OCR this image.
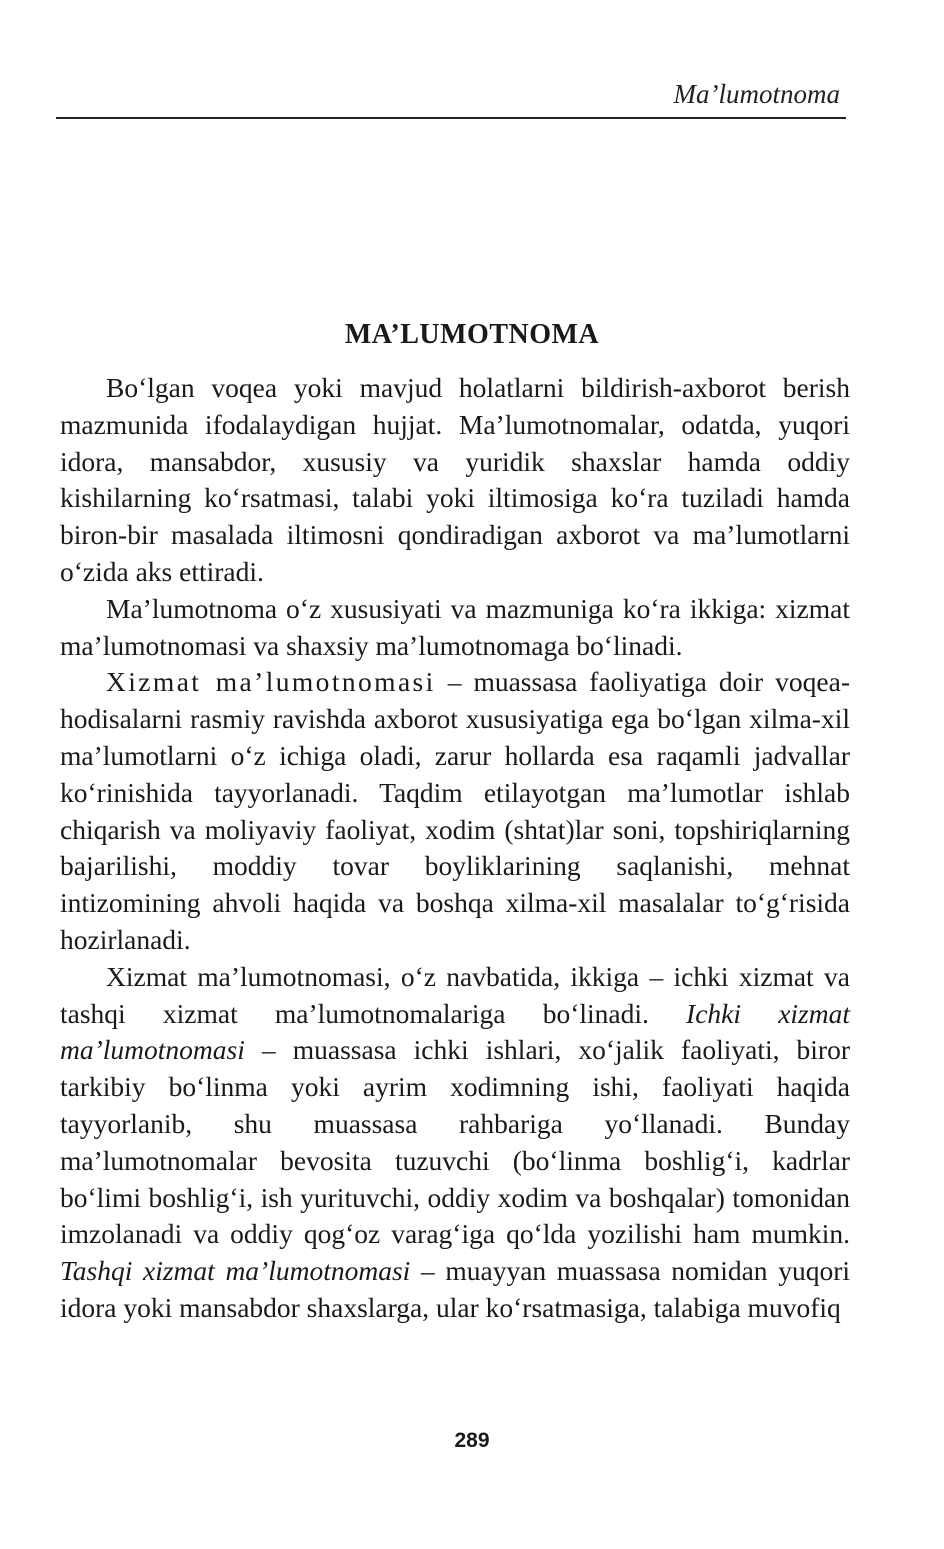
Ma’lumotnoma
MA’LUMOTNOMA

Bo‘lgan voqea yoki mavjud holatlarni bildirish-axborot berish mazmunida ifodalaydigan hujjat. Ma’lumotnomalar, odatda, yuqori idora, mansabdor, xususiy va yuridik shaxslar hamda oddiy kishilarning ko‘rsatmasi, talabi yoki iltimosiga ko‘ra tuziladi hamda biron-bir masalada iltimosni qondiradigan axborot va ma’lumotlarni o‘zida aks ettiradi.

Ma’lumotnoma o‘z xususiyati va mazmuniga ko‘ra ikkiga: xizmat ma’lumotnomasi va shaxsiy ma’lumotnomaga bo‘linadi.

Xizmat ma’lumotnomasi – muassasa faoliyatiga doir voqea-hodisalarni rasmiy ravishda axborot xususiyatiga ega bo‘lgan xilma-xil ma’lumotlarni o‘z ichiga oladi, zarur hollarda esa raqamli jadvallar ko‘rinishida tayyorlanadi. Taqdim etilayotgan ma’lumotlar ishlab chiqarish va moliyaviy faoliyat, xodim (shtat)lar soni, topshiriqlarning bajarilishi, moddiy tovar boyliklarining saqlanishi, mehnat intizomining ahvoli haqida va boshqa xilma-xil masalalar to‘g‘risida hozirlanadi.

Xizmat ma’lumotnomasi, o‘z navbatida, ikkiga – ichki xizmat va tashqi xizmat ma’lumotnomalariga bo‘linadi. Ichki xizmat ma’lumotnomasi – muassasa ichki ishlari, xo‘jalik faoliyati, biror tarkibiy bo‘linma yoki ayrim xodimning ishi, faoliyati haqida tayyorlanib, shu muassasa rahbariga yo‘llanadi. Bunday ma’lumotnomalar bevosita tuzuvchi (bo‘linma boshlig‘i, kadrlar bo‘limi boshlig‘i, ish yurituvchi, oddiy xodim va boshqalar) tomonidan imzolanadi va oddiy qog‘oz varag‘iga qo‘lda yozilishi ham mumkin. Tashqi xizmat ma’lumotnomasi – muayyan muassasa nomidan yuqori idora yoki mansabdor shaxslarga, ular ko‘rsatmasiga, talabiga muvofiq

289
